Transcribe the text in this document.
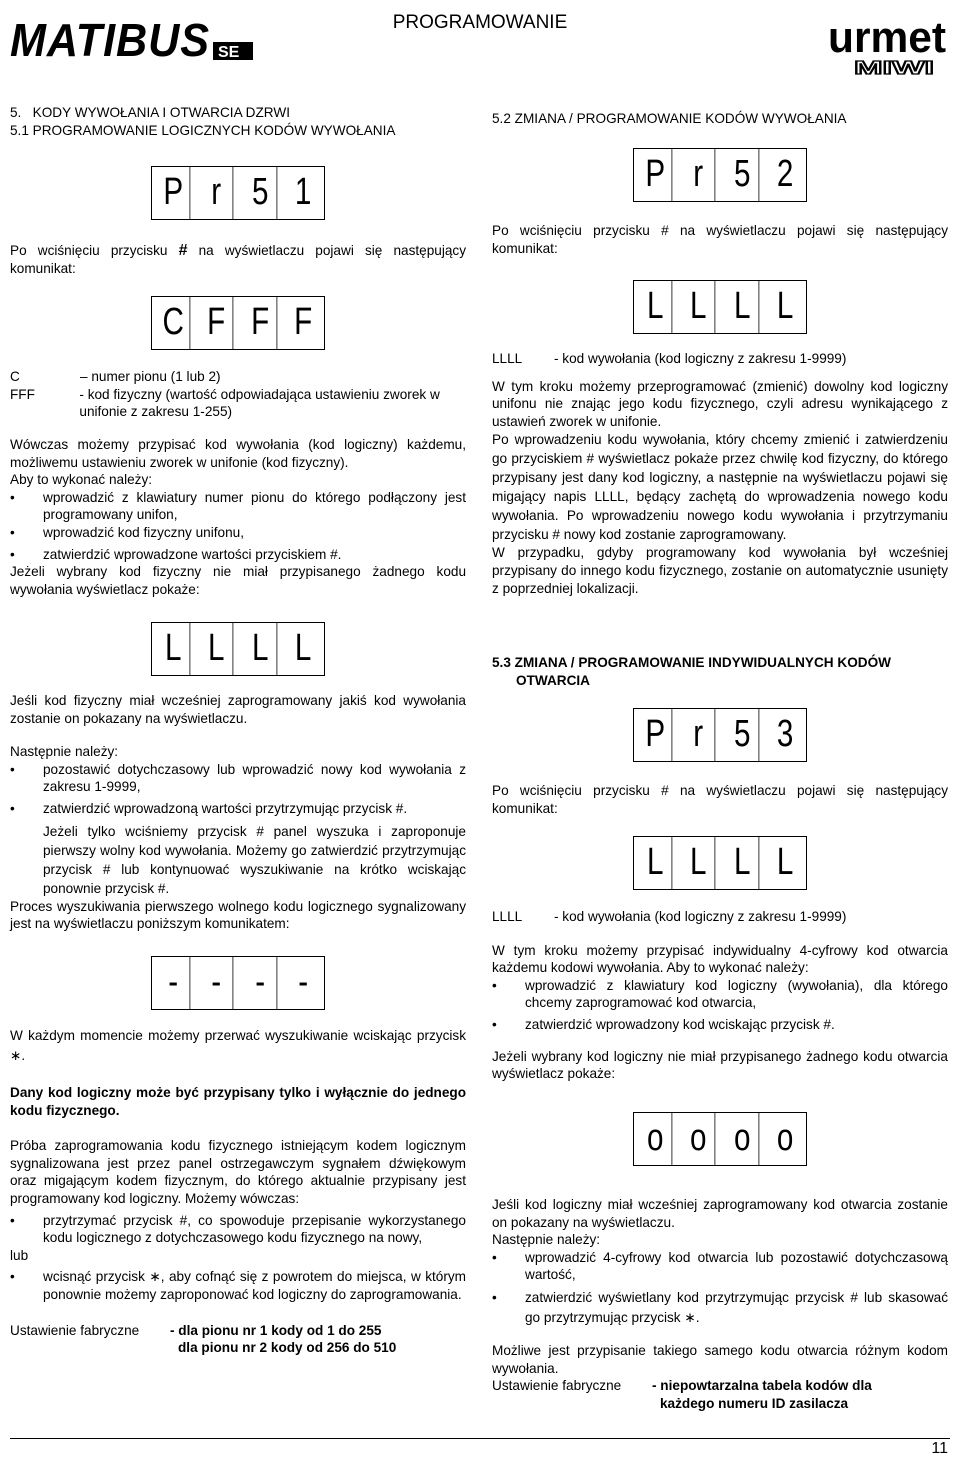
MATIBUS SE
PROGRAMOWANIE	urmet
MIWI

5.   KODY WYWOŁANIA I OTWARCIA DZRWI

5.1 PROGRAMOWANIE LOGICZNYCH KODÓW WYWOŁANIA

P r 5 1

Po wciśnięciu przycisku # na wyświetlaczu pojawi się następujący komunikat:

C F F F
C	– numer pionu (1 lub 2)
FFF	- kod fizyczny (wartość odpowiadająca ustawieniu zworek w unifonie z zakresu 1-255)

Wówczas możemy przypisać kod wywołania (kod logiczny) każdemu, możliwemu ustawieniu zworek w unifonie (kod fizyczny).

Aby to wykonać należy:

• wprowadzić z klawiatury numer pionu do którego podłączony jest programowany unifon,
• wprowadzić kod fizyczny unifonu,
• zatwierdzić wprowadzone wartości przyciskiem #.

Jeżeli wybrany kod fizyczny nie miał przypisanego żadnego kodu wywołania wyświetlacz pokaże:

L L L L

Jeśli kod fizyczny miał wcześniej zaprogramowany jakiś kod wywołania zostanie on pokazany na wyświetlaczu.

Następnie należy:

• pozostawić dotychczasowy lub wprowadzić nowy kod wywołania z zakresu 1-9999,
• zatwierdzić wprowadzoną wartości przytrzymując przycisk #.
Jeżeli tylko wciśniemy przycisk # panel wyszuka i zaproponuje pierwszy wolny kod wywołania. Możemy go zatwierdzić przytrzymując przycisk # lub kontynuować wyszukiwanie na krótko wciskając ponownie przycisk #.

Proces wyszukiwania pierwszego wolnego kodu logicznego sygnalizowany jest na wyświetlaczu poniższym komunikatem:

- - - -

W każdym momencie możemy przerwać wyszukiwanie wciskając przycisk ∗.

Dany kod logiczny może być przypisany tylko i wyłącznie do jednego kodu fizycznego.

Próba zaprogramowania kodu fizycznego istniejącym kodem logicznym sygnalizowana jest przez panel ostrzegawczym sygnałem dźwiękowym oraz migającym kodem fizycznym, do którego aktualnie przypisany jest programowany kod logiczny. Możemy wówczas:

• przytrzymać przycisk #, co spowoduje przepisanie wykorzystanego kodu logicznego z dotychczasowego kodu fizycznego na nowy,

lub

• wcisnąć przycisk ∗, aby cofnąć się z powrotem do miejsca, w którym ponownie możemy zaproponować kod logiczny do zaprogramowania.
Ustawienie fabryczne	- dla pionu nr 1 kody od 1 do 255
dla pionu nr 2 kody od 256 do 510

5.2 ZMIANA / PROGRAMOWANIE KODÓW WYWOŁANIA

P r 5 2

Po wciśnięciu przycisku # na wyświetlaczu pojawi się następujący komunikat:

L L L L
LLLL	- kod wywołania (kod logiczny z zakresu 1-9999)

W tym kroku możemy przeprogramować (zmienić) dowolny kod logiczny unifonu nie znając jego kodu fizycznego, czyli adresu wynikającego z ustawień zworek w unifonie.

Po wprowadzeniu kodu wywołania, który chcemy zmienić i zatwierdzeniu go przyciskiem # wyświetlacz pokaże przez chwilę kod fizyczny, do którego przypisany jest dany kod logiczny, a następnie na wyświetlaczu pojawi się migający napis LLLL, będący zachętą do wprowadzenia nowego kodu wywołania. Po wprowadzeniu nowego kodu wywołania i przytrzymaniu przycisku # nowy kod zostanie zaprogramowany.

W przypadku, gdyby programowany kod wywołania był wcześniej przypisany do innego kodu fizycznego, zostanie on automatycznie usunięty z poprzedniej lokalizacji.

5.3 ZMIANA / PROGRAMOWANIE INDYWIDUALNYCH KODÓW

OTWARCIA

P r 5 3

Po wciśnięciu przycisku # na wyświetlaczu pojawi się następujący komunikat:

L L L L
LLLL	- kod wywołania (kod logiczny z zakresu 1-9999)

W tym kroku możemy przypisać indywidualny 4-cyfrowy kod otwarcia każdemu kodowi wywołania. Aby to wykonać należy:

• wprowadzić z klawiatury kod logiczny (wywołania), dla którego chcemy zaprogramować kod otwarcia,
• zatwierdzić wprowadzony kod wciskając przycisk #.

Jeżeli wybrany kod logiczny nie miał przypisanego żadnego kodu otwarcia wyświetlacz pokaże:

o o o o

Jeśli kod logiczny miał wcześniej zaprogramowany kod otwarcia zostanie on pokazany na wyświetlaczu.

Następnie należy:

• wprowadzić 4-cyfrowy kod otwarcia lub pozostawić dotychczasową wartość,
• zatwierdzić wyświetlany kod przytrzymując przycisk # lub skasować go przytrzymując przycisk ∗.

Możliwe jest przypisanie takiego samego kodu otwarcia różnym kodom wywołania.

Ustawienie fabryczne	- niepowtarzalna tabela kodów dla
każdego numeru ID zasilacza
11
